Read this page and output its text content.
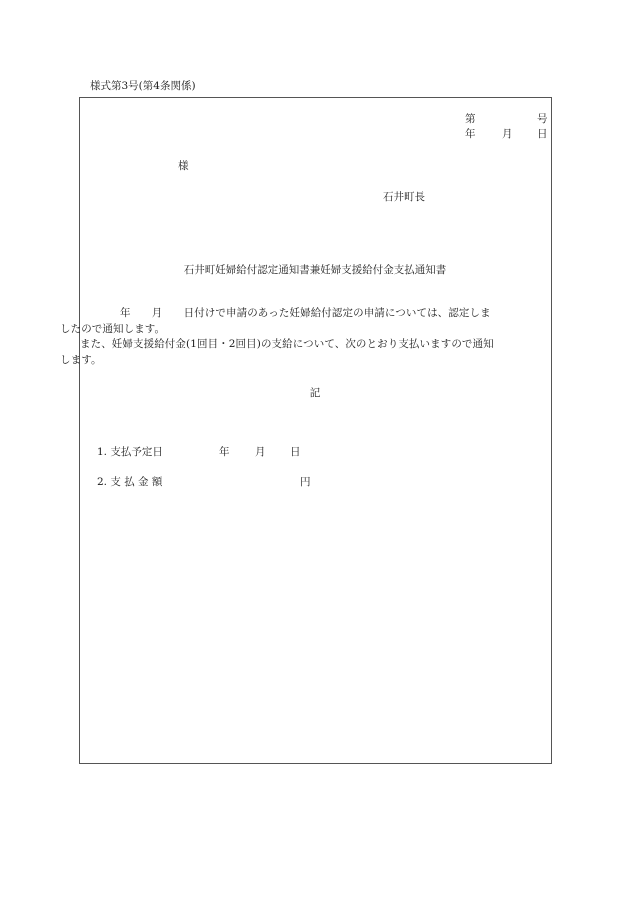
様式第3号(第4条関係)
第	号
年	月 日
様
石井町長
石井町妊婦給付認定通知書兼妊婦支援給付金支払通知書

年　　月　　日付けで申請のあった妊婦給付認定の申請については、認定しま

したので通知します。

また、妊婦支援給付金(1回目・2回目)の支給について、次のとおり支払いますので通知

します。

記
1. 支払予定日	年 月 日
2. 支 払 金 額	円
